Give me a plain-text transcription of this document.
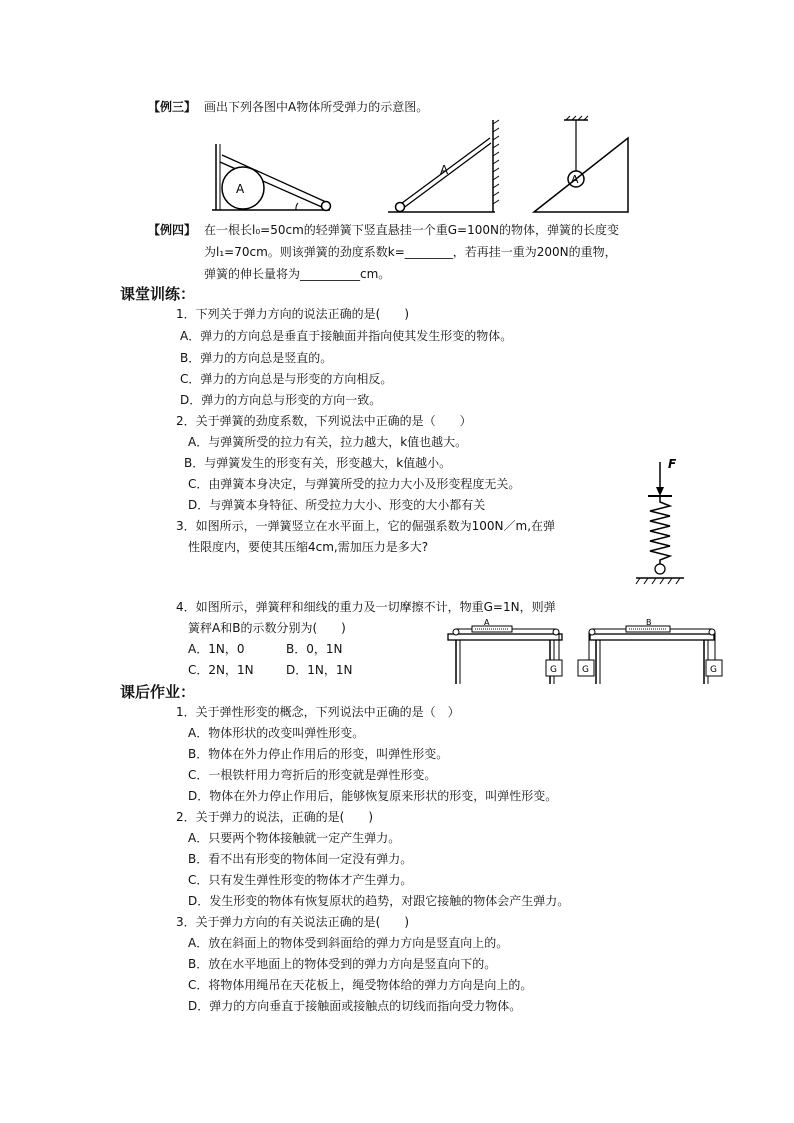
【例三】 画出下列各图中A物体所受弹力的示意图。
A
A
A
【例四】 在一根长l₀=50cm的轻弹簧下竖直悬挂一个重G=100N的物体，弹簧的长度变
为l₁=70cm。则该弹簧的劲度系数k=________，若再挂一重为200N的重物，
弹簧的伸长量将为__________cm。
课堂训练：
1．下列关于弹力方向的说法正确的是(　　)
A．弹力的方向总是垂直于接触面并指向使其发生形变的物体。
B．弹力的方向总是竖直的。
C．弹力的方向总是与形变的方向相反。
D．弹力的方向总与形变的方向一致。
2．关于弹簧的劲度系数，下列说法中正确的是（　　）
A．与弹簧所受的拉力有关，拉力越大，k值也越大。
B．与弹簧发生的形变有关，形变越大，k值越小。
C．由弹簧本身决定，与弹簧所受的拉力大小及形变程度无关。
D．与弹簧本身特征、所受拉力大小、形变的大小都有关
3．如图所示，一弹簧竖立在水平面上，它的倔强系数为100N／m,在弹
性限度内，要使其压缩4cm,需加压力是多大?
F
4．如图所示，弹簧秤和细线的重力及一切摩擦不计，物重G=1N，则弹
簧秤A和B的示数分别为(　　)
A．1N，0	B．0，1N
C．2N，1N	D．1N，1N
A
G
B
G	G
课后作业：
1．关于弹性形变的概念，下列说法中正确的是（　）
A．物体形状的改变叫弹性形变。
B．物体在外力停止作用后的形变，叫弹性形变。
C．一根铁杆用力弯折后的形变就是弹性形变。
D．物体在外力停止作用后，能够恢复原来形状的形变，叫弹性形变。
2．关于弹力的说法，正确的是(　　)
A．只要两个物体接触就一定产生弹力。
B．看不出有形变的物体间一定没有弹力。
C．只有发生弹性形变的物体才产生弹力。
D．发生形变的物体有恢复原状的趋势，对跟它接触的物体会产生弹力。
3．关于弹力方向的有关说法正确的是(　　)
A．放在斜面上的物体受到斜面给的弹力方向是竖直向上的。
B．放在水平地面上的物体受到的弹力方向是竖直向下的。
C．将物体用绳吊在天花板上，绳受物体给的弹力方向是向上的。
D．弹力的方向垂直于接触面或接触点的切线而指向受力物体。
